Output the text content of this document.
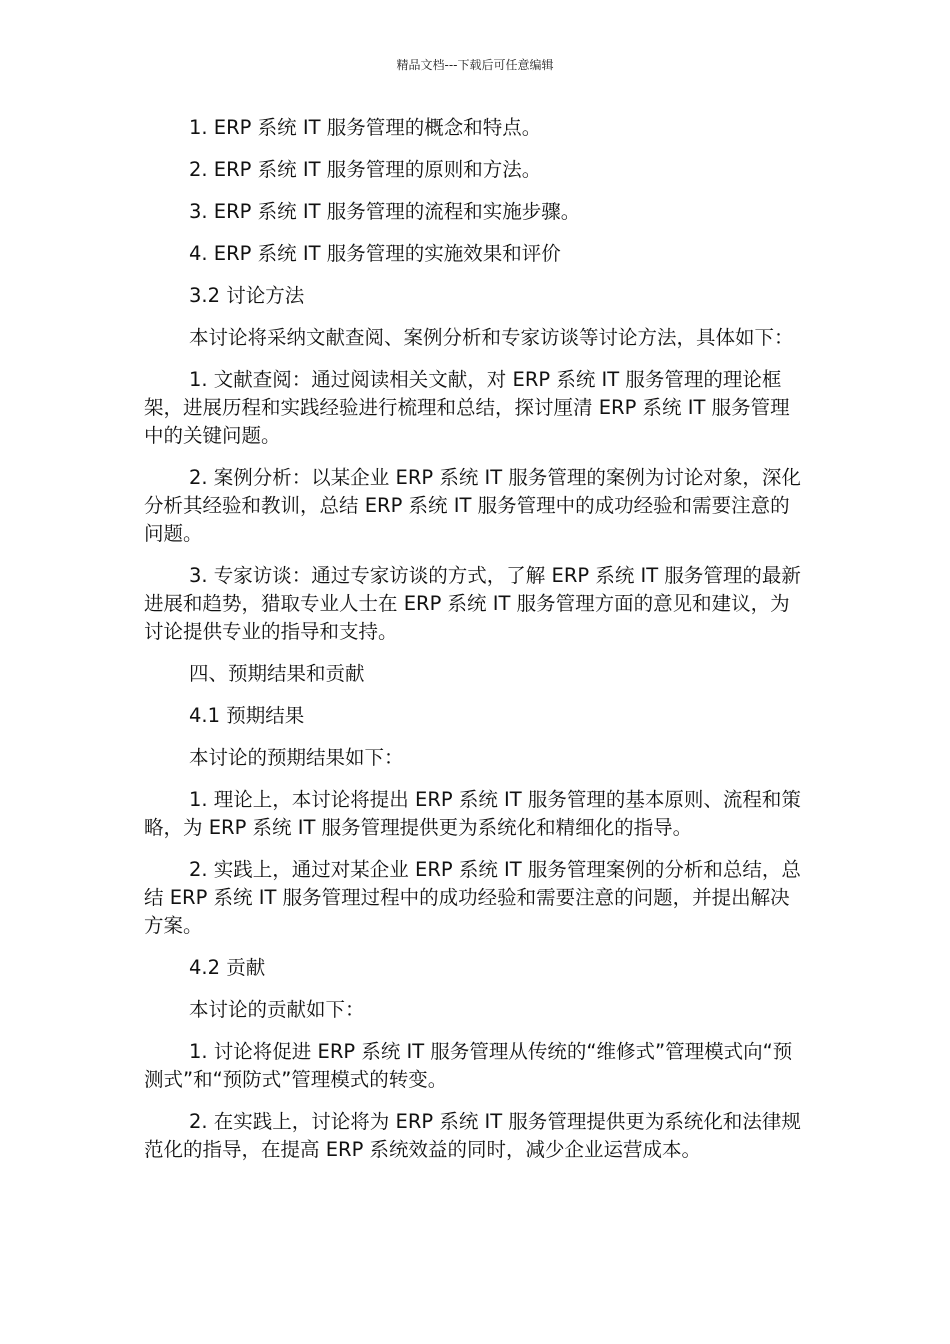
精品文档---下载后可任意编辑

1. ERP 系统 IT 服务管理的概念和特点。

2. ERP 系统 IT 服务管理的原则和方法。

3. ERP 系统 IT 服务管理的流程和实施步骤。

4. ERP 系统 IT 服务管理的实施效果和评价

3.2 讨论方法

本讨论将采纳文献查阅、案例分析和专家访谈等讨论方法，具体如下：

1. 文献查阅：通过阅读相关文献，对 ERP 系统 IT 服务管理的理论框架，进展历程和实践经验进行梳理和总结，探讨厘清 ERP 系统 IT 服务管理中的关键问题。

2. 案例分析：以某企业 ERP 系统 IT 服务管理的案例为讨论对象，深化分析其经验和教训，总结 ERP 系统 IT 服务管理中的成功经验和需要注意的问题。

3. 专家访谈：通过专家访谈的方式，了解 ERP 系统 IT 服务管理的最新进展和趋势，猎取专业人士在 ERP 系统 IT 服务管理方面的意见和建议，为讨论提供专业的指导和支持。

四、预期结果和贡献

4.1 预期结果

本讨论的预期结果如下：

1. 理论上，本讨论将提出 ERP 系统 IT 服务管理的基本原则、流程和策略，为 ERP 系统 IT 服务管理提供更为系统化和精细化的指导。

2. 实践上，通过对某企业 ERP 系统 IT 服务管理案例的分析和总结，总结 ERP 系统 IT 服务管理过程中的成功经验和需要注意的问题，并提出解决方案。

4.2 贡献

本讨论的贡献如下：

1. 讨论将促进 ERP 系统 IT 服务管理从传统的“维修式”管理模式向“预测式”和“预防式”管理模式的转变。

2. 在实践上，讨论将为 ERP 系统 IT 服务管理提供更为系统化和法律规范化的指导，在提高 ERP 系统效益的同时，减少企业运营成本。
